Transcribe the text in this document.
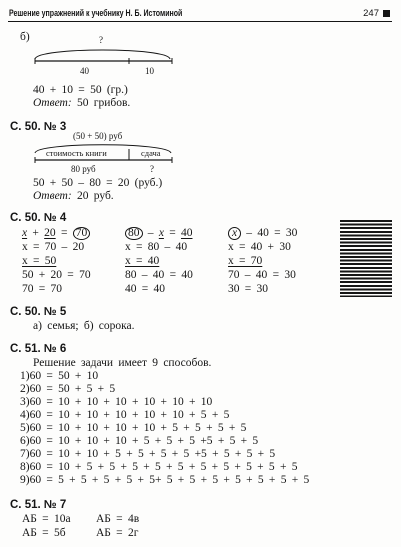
Решение упражнений к учебнику Н. Б. Истоминой	247
б)	?
40	10
40 + 10 = 50 (гр.)
Ответ: 50 грибов.
С. 50. № 3
(50 + 50) руб
стоимость книги	сдача
80 руб	?
50 + 50 – 80 = 20 (руб.)
Ответ: 20 руб.
С. 50. № 4
x + 20 = 70
x = 70 – 20
x = 50
50 + 20 = 70
70 = 70
80 – x = 40
x = 80 – 40
x = 40
80 – 40 = 40
40 = 40
x – 40 = 30
x = 40 + 30
x = 70
70 – 40 = 30
30 = 30
С. 50. № 5
а) семья; б) сорока.
С. 51. № 6
Решение задачи имеет 9 способов.
1)60 = 50 + 10
2)60 = 50 + 5 + 5
3)60 = 10 + 10 + 10 + 10 + 10 + 10
4)60 = 10 + 10 + 10 + 10 + 10 + 5 + 5
5)60 = 10 + 10 + 10 + 10 + 5 + 5 + 5 + 5
6)60 = 10 + 10 + 10 + 5 + 5 + 5 +5 + 5 + 5
7)60 = 10 + 10 + 5 + 5 + 5 + 5 +5 + 5 + 5 + 5
8)60 = 10 + 5 + 5 + 5 + 5 + 5 + 5 + 5 + 5 + 5 + 5
9)60 = 5 + 5 + 5 + 5 + 5+ 5 + 5 + 5 + 5 + 5 + 5 + 5
С. 51. № 7
АБ = 10а АБ = 4в
АБ = 5б	АБ = 2г
